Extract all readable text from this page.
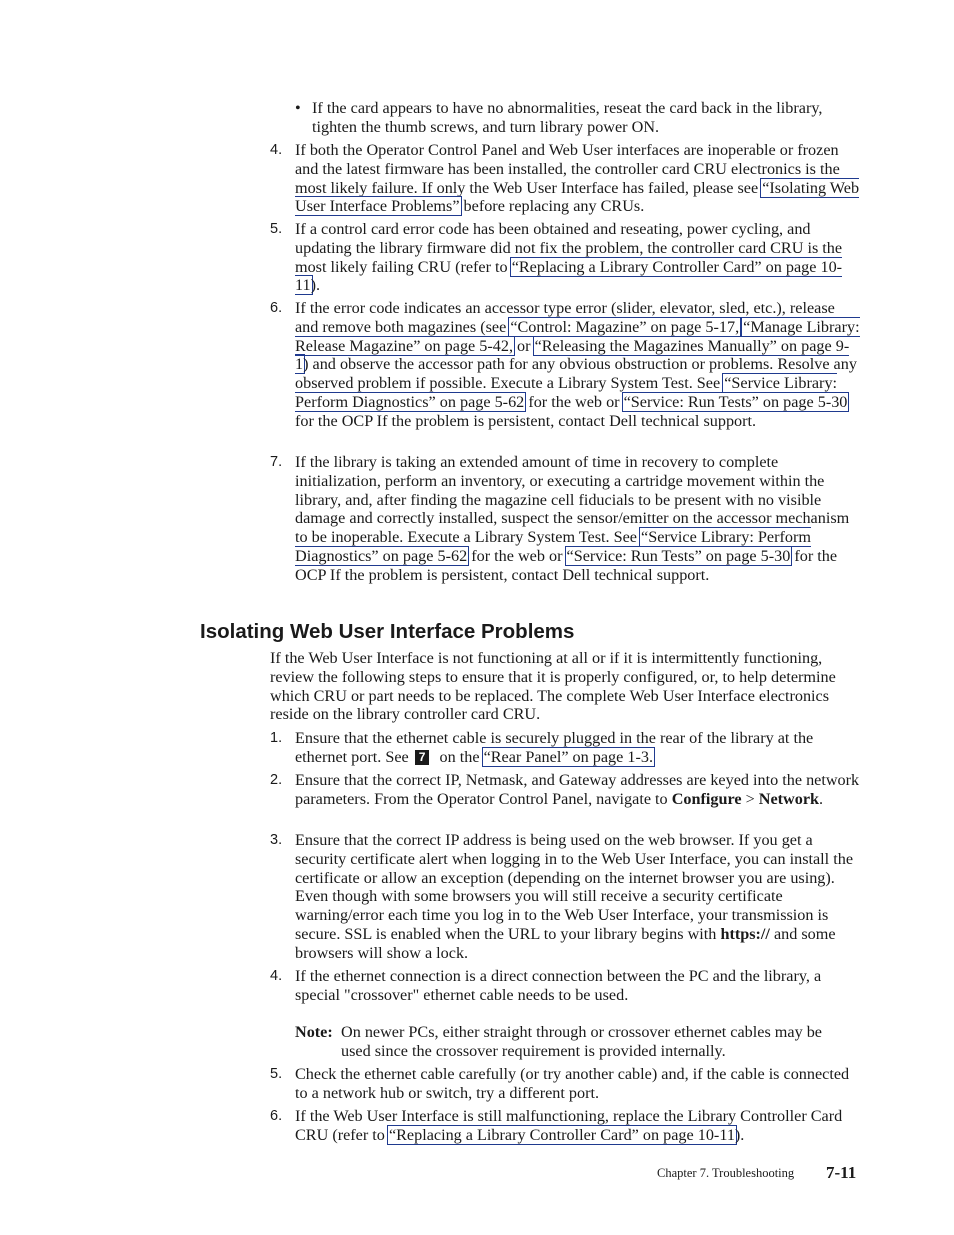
• If the card appears to have no abnormalities, reseat the card back in the library, tighten the thumb screws, and turn library power ON.
4. If both the Operator Control Panel and Web User interfaces are inoperable or frozen and the latest firmware has been installed, the controller card CRU electronics is the most likely failure. If only the Web User Interface has failed, please see “Isolating Web User Interface Problems” before replacing any CRUs.
5. If a control card error code has been obtained and reseating, power cycling, and updating the library firmware did not fix the problem, the controller card CRU is the most likely failing CRU (refer to “Replacing a Library Controller Card” on page 10-11).
6. If the error code indicates an accessor type error (slider, elevator, sled, etc.), release and remove both magazines (see “Control: Magazine” on page 5-17, “Manage Library: Release Magazine” on page 5-42, or “Releasing the Magazines Manually” on page 9-1) and observe the accessor path for any obvious obstruction or problems. Resolve any observed problem if possible. Execute a Library System Test. See “Service Library: Perform Diagnostics” on page 5-62 for the web or “Service: Run Tests” on page 5-30 for the OCP If the problem is persistent, contact Dell technical support.
7. If the library is taking an extended amount of time in recovery to complete initialization, perform an inventory, or executing a cartridge movement within the library, and, after finding the magazine cell fiducials to be present with no visible damage and correctly installed, suspect the sensor/emitter on the accessor mechanism to be inoperable. Execute a Library System Test. See “Service Library: Perform Diagnostics” on page 5-62 for the web or “Service: Run Tests” on page 5-30 for the OCP If the problem is persistent, contact Dell technical support.
Isolating Web User Interface Problems
If the Web User Interface is not functioning at all or if it is intermittently functioning, review the following steps to ensure that it is properly configured, or, to help determine which CRU or part needs to be replaced. The complete Web User Interface electronics reside on the library controller card CRU.
1. Ensure that the ethernet cable is securely plugged in the rear of the library at the ethernet port. See 7 on the “Rear Panel” on page 1-3.
2. Ensure that the correct IP, Netmask, and Gateway addresses are keyed into the network parameters. From the Operator Control Panel, navigate to Configure > Network.
3. Ensure that the correct IP address is being used on the web browser. If you get a security certificate alert when logging in to the Web User Interface, you can install the certificate or allow an exception (depending on the internet browser you are using). Even though with some browsers you will still receive a security certificate warning/error each time you log in to the Web User Interface, your transmission is secure. SSL is enabled when the URL to your library begins with https:// and some browsers will show a lock.
4. If the ethernet connection is a direct connection between the PC and the library, a special "crossover" ethernet cable needs to be used.
Note: On newer PCs, either straight through or crossover ethernet cables may be used since the crossover requirement is provided internally.
5. Check the ethernet cable carefully (or try another cable) and, if the cable is connected to a network hub or switch, try a different port.
6. If the Web User Interface is still malfunctioning, replace the Library Controller Card CRU (refer to “Replacing a Library Controller Card” on page 10-11).
Chapter 7. Troubleshooting 7-11
